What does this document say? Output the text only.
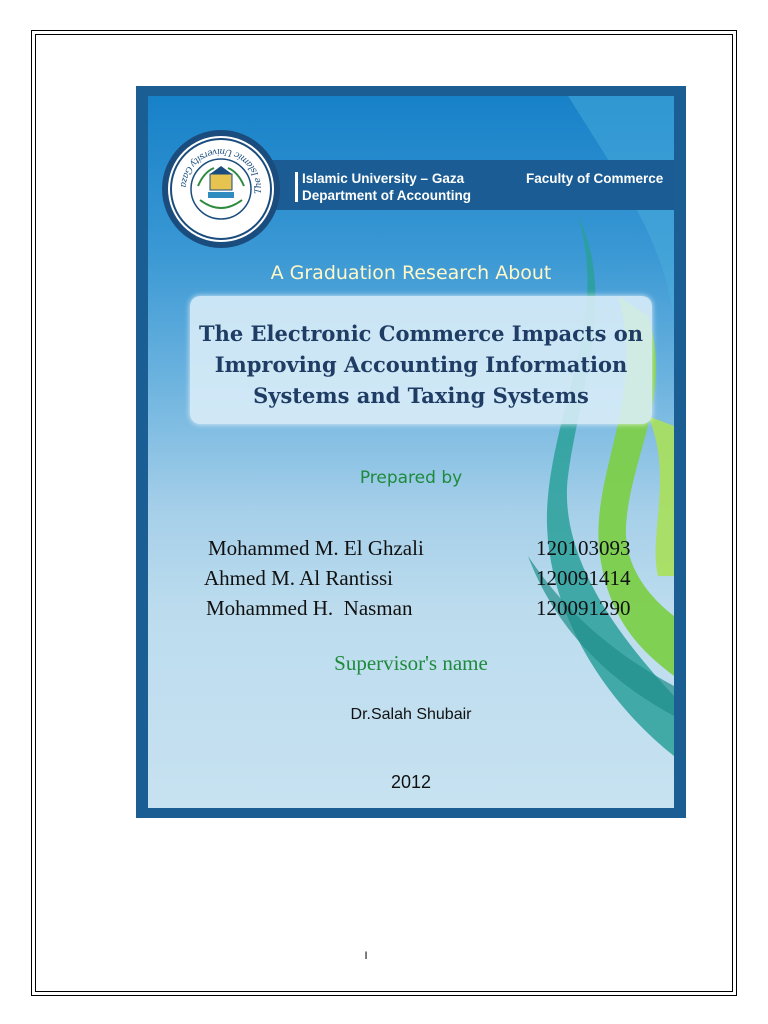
Islamic University – Gaza
Department of Accounting
Faculty of Commerce
The Islamic University Gaza
A Graduation Research About
The Electronic Commerce Impacts on
Improving Accounting Information
Systems and Taxing Systems
Prepared by
Mohammed M. El Ghzali	120103093
Ahmed M. Al Rantissi	120091414
Mohammed H.  Nasman	120091290
Supervisor's name
Dr.Salah Shubair
2012
I
